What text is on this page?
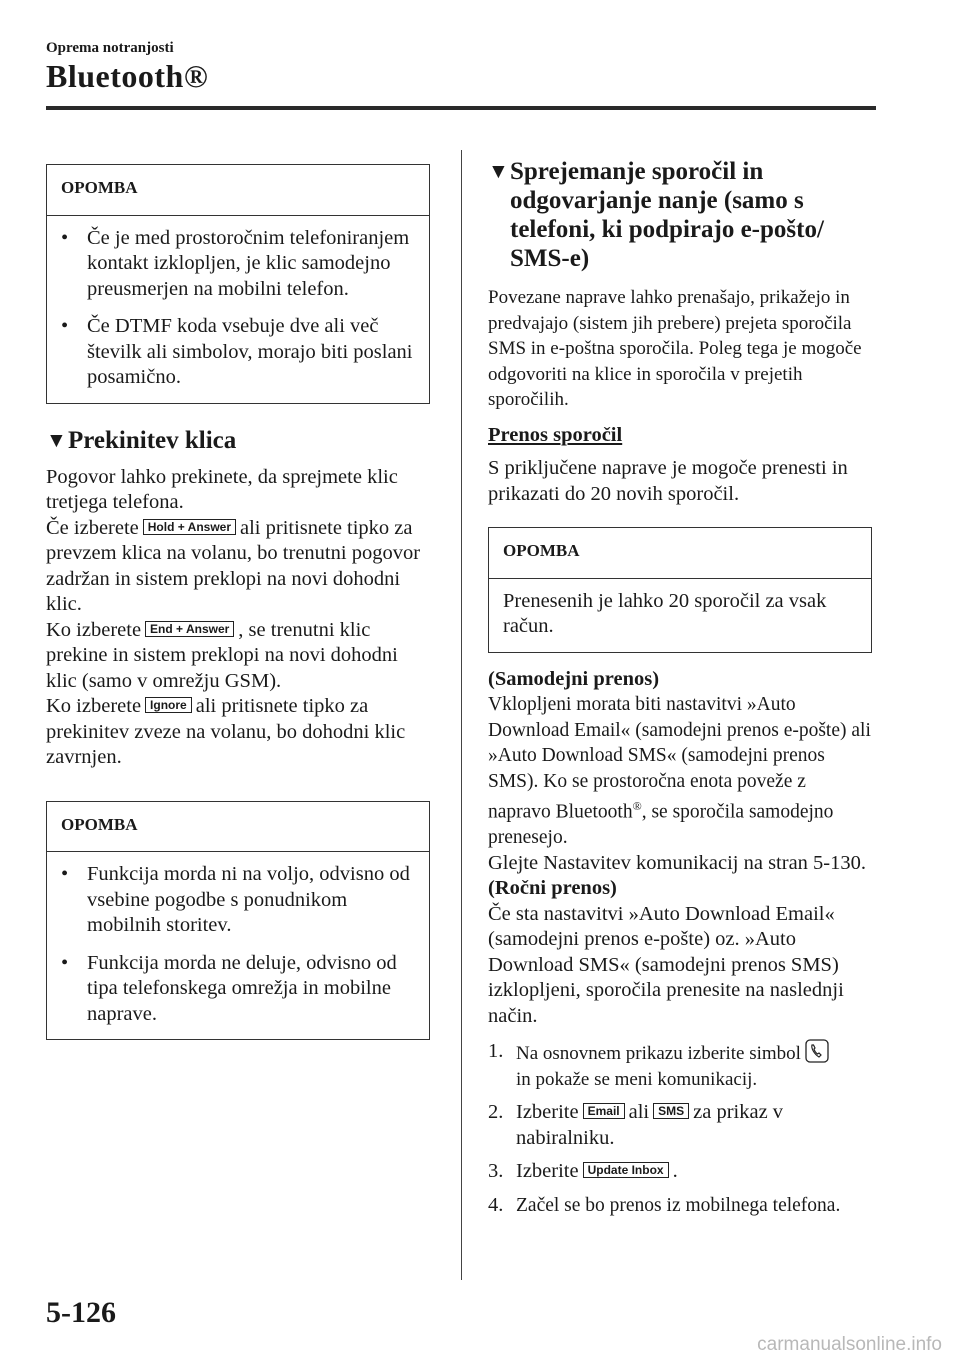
Oprema notranjosti
Bluetooth®
OPOMBA
• Če je med prostoročnim telefoniranjem kontakt izklopljen, je klic samodejno preusmerjen na mobilni telefon.
• Če DTMF koda vsebuje dve ali več številk ali simbolov, morajo biti poslani posamično.
▼ Prekinitev klica

Pogovor lahko prekinete, da sprejmete klic tretjega telefona.

Če izberete Hold + Answer ali pritisnete tipko za prevzem klica na volanu, bo trenutni pogovor zadržan in sistem preklopi na novi dohodni klic.

Ko izberete End + Answer , se trenutni klic prekine in sistem preklopi na novi dohodni klic (samo v omrežju GSM).

Ko izberete Ignore ali pritisnete tipko za prekinitev zveze na volanu, bo dohodni klic zavrnjen.

OPOMBA
• Funkcija morda ni na voljo, odvisno od vsebine pogodbe s ponudnikom mobilnih storitev.
• Funkcija morda ne deluje, odvisno od tipa telefonskega omrežja in mobilne naprave.
▼ Sprejemanje sporočil in odgovarjanje nanje (samo s telefoni, ki podpirajo e-pošto/ SMS-e)

Povezane naprave lahko prenašajo, prikažejo in predvajajo (sistem jih prebere) prejeta sporočila SMS in e-poštna sporočila. Poleg tega je mogoče odgovoriti na klice in sporočila v prejetih sporočilih.

Prenos sporočil

S priključene naprave je mogoče prenesti in prikazati do 20 novih sporočil.

OPOMBA

Prenesenih je lahko 20 sporočil za vsak račun.

(Samodejni prenos)

Vklopljeni morata biti nastavitvi »Auto Download Email« (samodejni prenos e-pošte) ali »Auto Download SMS« (samodejni prenos SMS). Ko se prostoročna enota poveže z napravo Bluetooth®, se sporočila samodejno prenesejo.

Glejte Nastavitev komunikacij na stran 5-130.

(Ročni prenos)

Če sta nastavitvi »Auto Download Email« (samodejni prenos e-pošte) oz. »Auto Download SMS« (samodejni prenos SMS) izklopljeni, sporočila prenesite na naslednji način.

1. Na osnovnem prikazu izberite simbol
in pokaže se meni komunikacij.
2. Izberite Email ali SMS za prikaz v nabiralniku.
3. Izberite Update Inbox .
4. Začel se bo prenos iz mobilnega telefona.
5-126
carmanualsonline.info
